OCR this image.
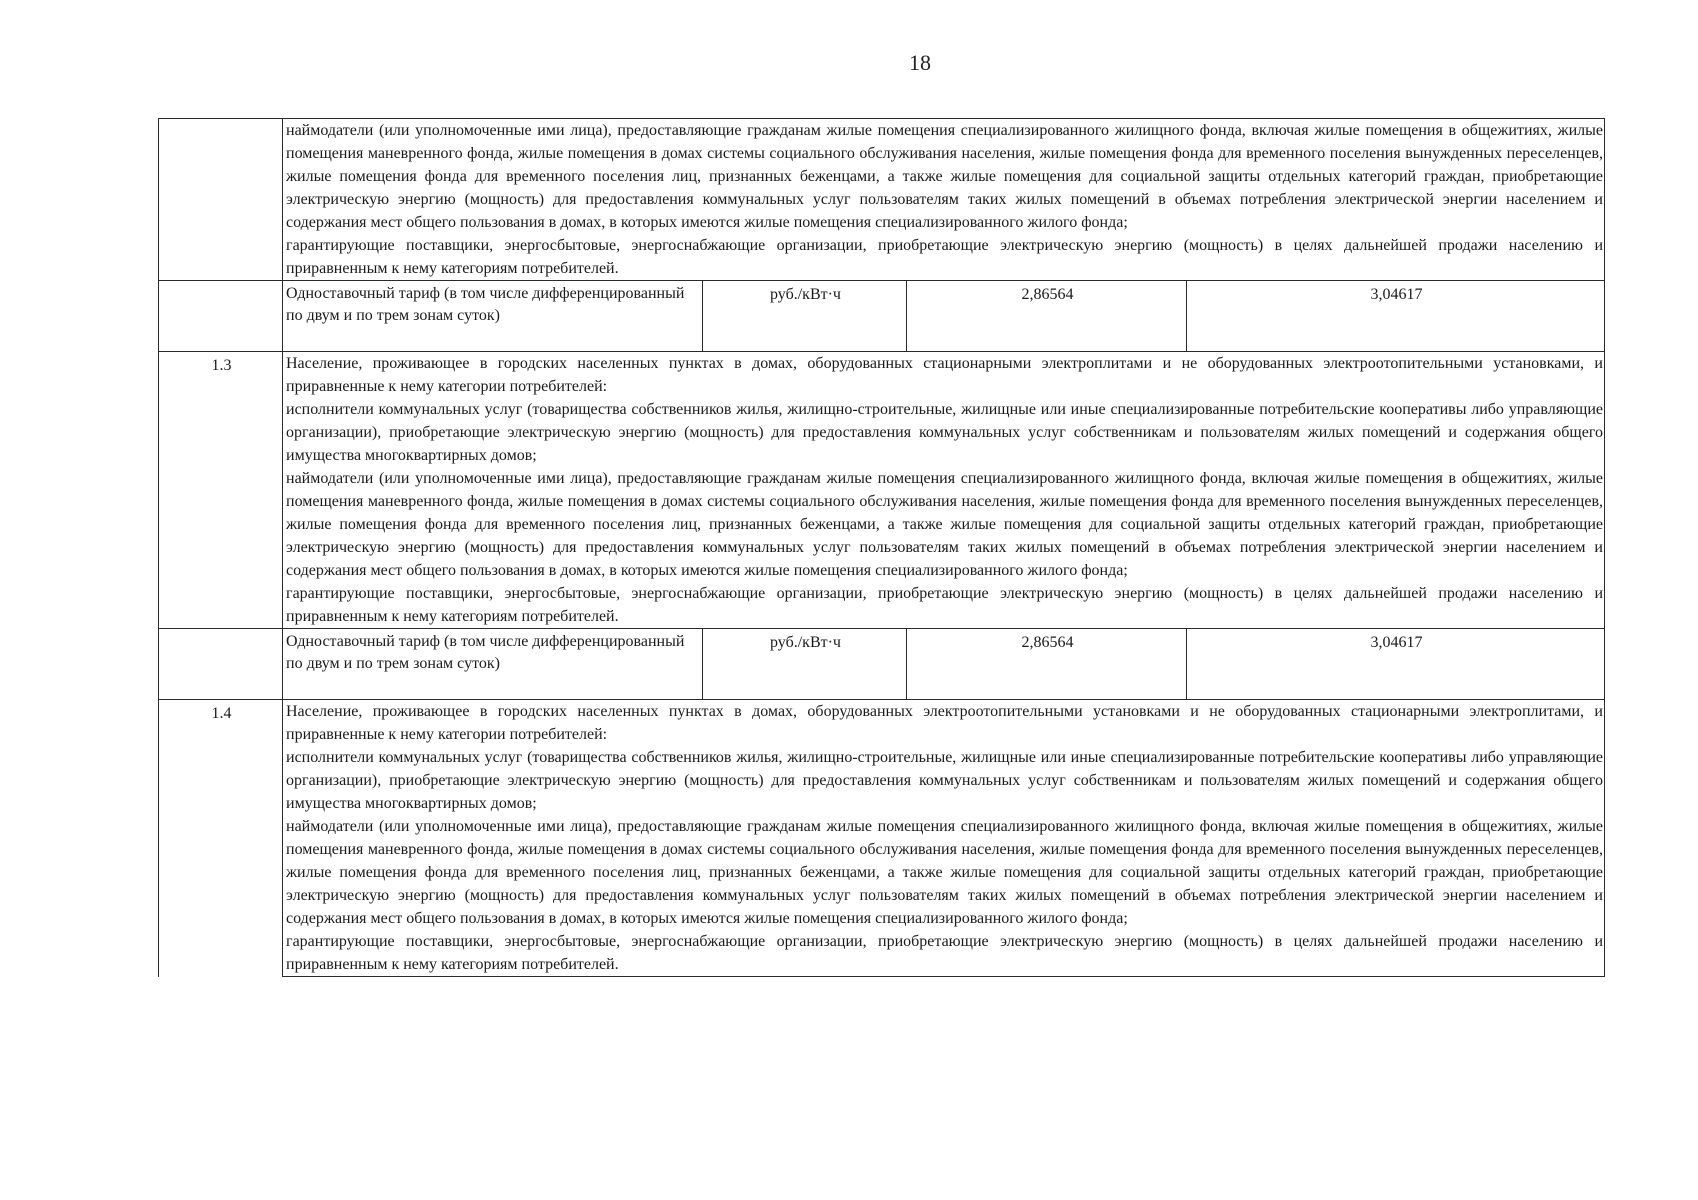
18

	наймодатели (или уполномоченные ими лица), предоставляющие гражданам жилые помещения специализированного жилищного фонда, включая жилые помещения в общежитиях, жилые помещения маневренного фонда, жилые помещения в домах системы социального обслуживания населения, жилые помещения фонда для временного поселения вынужденных переселенцев, жилые помещения фонда для временного поселения лиц, признанных беженцами, а также жилые помещения для социальной защиты отдельных категорий граждан, приобретающие электрическую энергию (мощность) для предоставления коммунальных услуг пользователям таких жилых помещений в объемах потребления электрической энергии населением и содержания мест общего пользования в домах, в которых имеются жилые помещения специализированного жилого фонда;

гарантирующие поставщики, энергосбытовые, энергоснабжающие организации, приобретающие электрическую энергию (мощность) в целях дальнейшей продажи населению и приравненным к нему категориям потребителей.			

	Одноставочный тариф (в том числе дифференцированный по двум и по трем зонам суток)	руб./кВт·ч	2,86564	3,04617
1.3	Население, проживающее в городских населенных пунктах в домах, оборудованных стационарными электроплитами и не оборудованных электроотопительными установками, и приравненные к нему категории потребителей:

исполнители коммунальных услуг (товарищества собственников жилья, жилищно-строительные, жилищные или иные специализированные потребительские кооперативы либо управляющие организации), приобретающие электрическую энергию (мощность) для предоставления коммунальных услуг собственникам и пользователям жилых помещений и содержания общего имущества многоквартирных домов;

наймодатели (или уполномоченные ими лица), предоставляющие гражданам жилые помещения специализированного жилищного фонда, включая жилые помещения в общежитиях, жилые помещения маневренного фонда, жилые помещения в домах системы социального обслуживания населения, жилые помещения фонда для временного поселения вынужденных переселенцев, жилые помещения фонда для временного поселения лиц, признанных беженцами, а также жилые помещения для социальной защиты отдельных категорий граждан, приобретающие электрическую энергию (мощность) для предоставления коммунальных услуг пользователям таких жилых помещений в объемах потребления электрической энергии населением и содержания мест общего пользования в домах, в которых имеются жилые помещения специализированного жилого фонда;

гарантирующие поставщики, энергосбытовые, энергоснабжающие организации, приобретающие электрическую энергию (мощность) в целях дальнейшей продажи населению и приравненным к нему категориям потребителей.			

	Одноставочный тариф (в том числе дифференцированный по двум и по трем зонам суток)	руб./кВт·ч	2,86564	3,04617
1.4	Население, проживающее в городских населенных пунктах в домах, оборудованных электроотопительными установками и не оборудованных стационарными электроплитами, и приравненные к нему категории потребителей:

исполнители коммунальных услуг (товарищества собственников жилья, жилищно-строительные, жилищные или иные специализированные потребительские кооперативы либо управляющие организации), приобретающие электрическую энергию (мощность) для предоставления коммунальных услуг собственникам и пользователям жилых помещений и содержания общего имущества многоквартирных домов;

наймодатели (или уполномоченные ими лица), предоставляющие гражданам жилые помещения специализированного жилищного фонда, включая жилые помещения в общежитиях, жилые помещения маневренного фонда, жилые помещения в домах системы социального обслуживания населения, жилые помещения фонда для временного поселения вынужденных переселенцев, жилые помещения фонда для временного поселения лиц, признанных беженцами, а также жилые помещения для социальной защиты отдельных категорий граждан, приобретающие электрическую энергию (мощность) для предоставления коммунальных услуг пользователям таких жилых помещений в объемах потребления электрической энергии населением и содержания мест общего пользования в домах, в которых имеются жилые помещения специализированного жилого фонда;

гарантирующие поставщики, энергосбытовые, энергоснабжающие организации, приобретающие электрическую энергию (мощность) в целях дальнейшей продажи населению и приравненным к нему категориям потребителей.			
